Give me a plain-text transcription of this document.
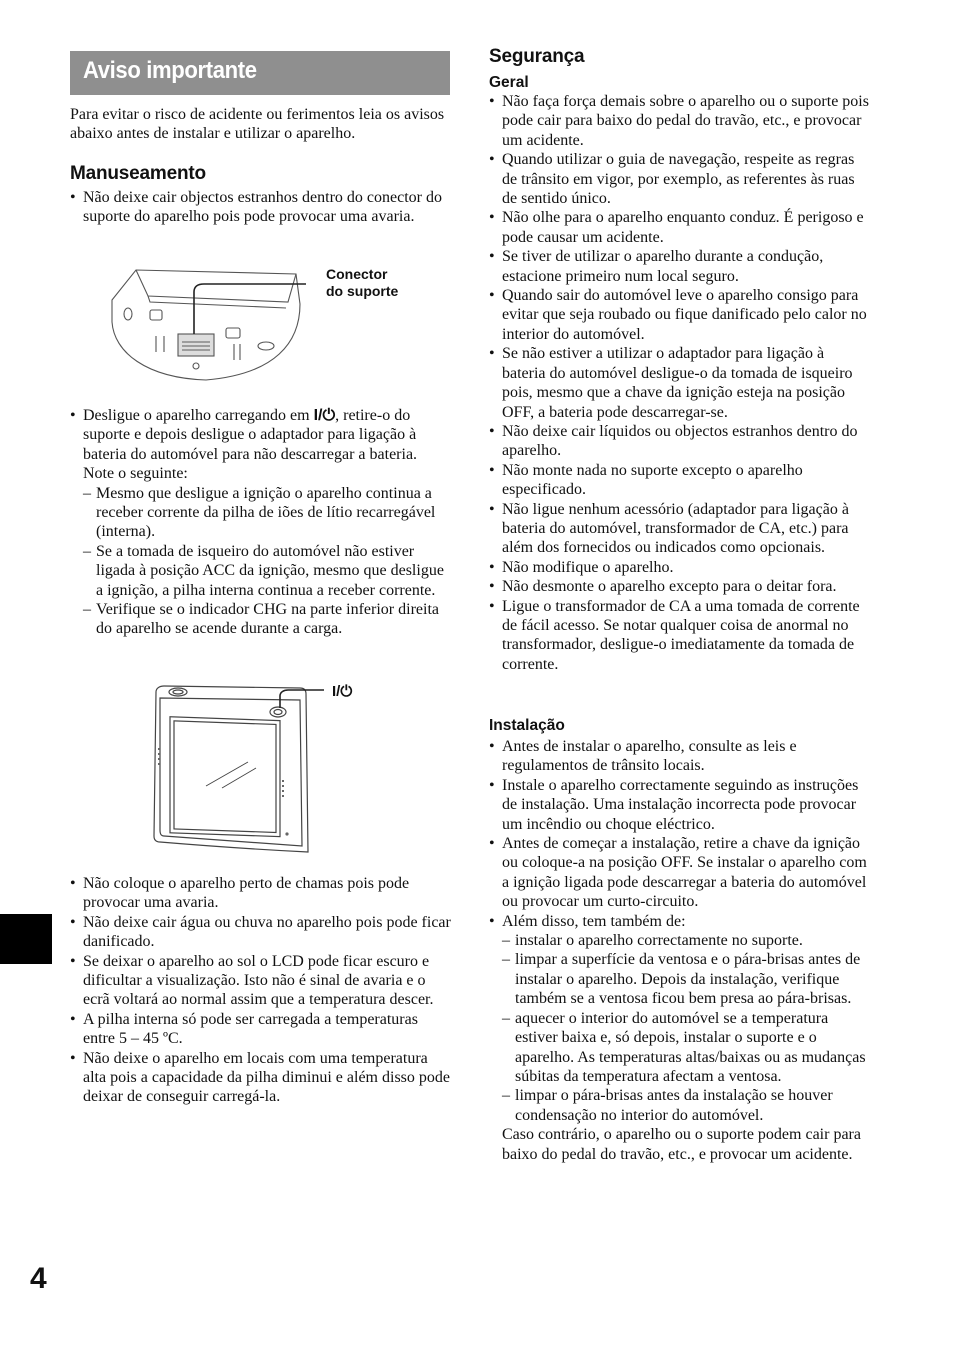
Aviso importante
Para evitar o risco de acidente ou ferimentos leia os avisos abaixo antes de instalar e utilizar o aparelho.
Manuseamento
• Não deixe cair objectos estranhos dentro do conector do suporte do aparelho pois pode provocar uma avaria.
Conector
do suporte
• Desligue o aparelho carregando em I/⏻, retire-o do suporte e depois desligue o adaptador para ligação à bateria do automóvel para não descarregar a bateria. Note o seguinte:
– Mesmo que desligue a ignição o aparelho continua a receber corrente da pilha de iões de lítio recarregável (interna).
– Se a tomada de isqueiro do automóvel não estiver ligada à posição ACC da ignição, mesmo que desligue a ignição, a pilha interna continua a receber corrente.
– Verifique se o indicador CHG na parte inferior direita do aparelho se acende durante a carga.
I/⏻
• Não coloque o aparelho perto de chamas pois pode provocar uma avaria.
• Não deixe cair água ou chuva no aparelho pois pode ficar danificado.
• Se deixar o aparelho ao sol o LCD pode ficar escuro e dificultar a visualização. Isto não é sinal de avaria e o ecrã voltará ao normal assim que a temperatura descer.
• A pilha interna só pode ser carregada a temperaturas entre 5 – 45 ºC.
• Não deixe o aparelho em locais com uma temperatura alta pois a capacidade da pilha diminui e além disso pode deixar de conseguir carregá-la.
Segurança
Geral
• Não faça força demais sobre o aparelho ou o suporte pois pode cair para baixo do pedal do travão, etc., e provocar um acidente.
• Quando utilizar o guia de navegação, respeite as regras de trânsito em vigor, por exemplo, as referentes às ruas de sentido único.
• Não olhe para o aparelho enquanto conduz. É perigoso e pode causar um acidente.
• Se tiver de utilizar o aparelho durante a condução, estacione primeiro num local seguro.
• Quando sair do automóvel leve o aparelho consigo para evitar que seja roubado ou fique danificado pelo calor no interior do automóvel.
• Se não estiver a utilizar o adaptador para ligação à bateria do automóvel desligue-o da tomada de isqueiro pois, mesmo que a chave da ignição esteja na posição OFF, a bateria pode descarregar-se.
• Não deixe cair líquidos ou objectos estranhos dentro do aparelho.
• Não monte nada no suporte excepto o aparelho especificado.
• Não ligue nenhum acessório (adaptador para ligação à bateria do automóvel, transformador de CA, etc.) para além dos fornecidos ou indicados como opcionais.
• Não modifique o aparelho.
• Não desmonte o aparelho excepto para o deitar fora.
• Ligue o transformador de CA a uma tomada de corrente de fácil acesso. Se notar qualquer coisa de anormal no transformador, desligue-o imediatamente da tomada de corrente.
Instalação
• Antes de instalar o aparelho, consulte as leis e regulamentos de trânsito locais.
• Instale o aparelho correctamente seguindo as instruções de instalação. Uma instalação incorrecta pode provocar um incêndio ou choque eléctrico.
• Antes de começar a instalação, retire a chave da ignição ou coloque-a na posição OFF. Se instalar o aparelho com a ignição ligada pode descarregar a bateria do automóvel ou provocar um curto-circuito.
• Além disso, tem também de:
– instalar o aparelho correctamente no suporte.
– limpar a superfície da ventosa e o pára-brisas antes de instalar o aparelho. Depois da instalação, verifique também se a ventosa ficou bem presa ao pára-brisas.
– aquecer o interior do automóvel se a temperatura estiver baixa e, só depois, instalar o suporte e o aparelho. As temperaturas altas/baixas ou as mudanças súbitas da temperatura afectam a ventosa.
– limpar o pára-brisas antes da instalação se houver condensação no interior do automóvel.
Caso contrário, o aparelho ou o suporte podem cair para baixo do pedal do travão, etc., e provocar um acidente.
4
